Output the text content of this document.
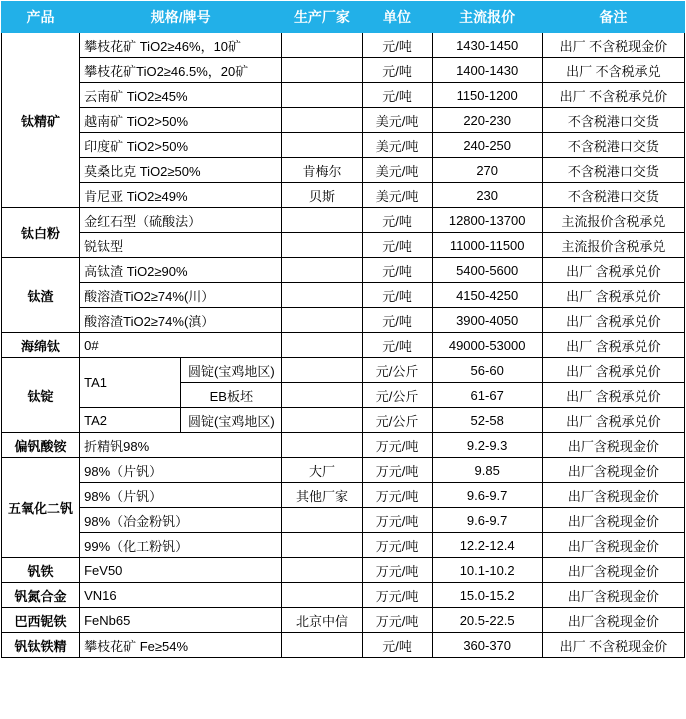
产品	规格/牌号		生产厂家	单位	主流报价	备注
钛精矿	攀枝花矿 TiO2≥46%，10矿			元/吨	1430-1450	出厂 不含税现金价
	攀枝花矿TiO2≥46.5%，20矿			元/吨	1400-1430	出厂 不含税承兑
	云南矿 TiO2≥45%			元/吨	1150-1200	出厂 不含税承兑价
	越南矿 TiO2>50%			美元/吨	220-230	不含税港口交货
	印度矿 TiO2>50%			美元/吨	240-250	不含税港口交货
	莫桑比克 TiO2≥50%		肯梅尔	美元/吨	270	不含税港口交货
	肯尼亚 TiO2≥49%		贝斯	美元/吨	230	不含税港口交货
钛白粉	金红石型（硫酸法）			元/吨	12800-13700	主流报价含税承兑
	锐钛型			元/吨	11000-11500	主流报价含税承兑
钛渣	高钛渣 TiO2≥90%			元/吨	5400-5600	出厂 含税承兑价
	酸溶渣TiO2≥74%(川）			元/吨	4150-4250	出厂 含税承兑价
	酸溶渣TiO2≥74%(滇）			元/吨	3900-4050	出厂 含税承兑价
海绵钛	0#			元/吨	49000-53000	出厂 含税承兑价
钛锭	TA1	圆锭(宝鸡地区)		元/公斤	56-60	出厂 含税承兑价
		EB板坯		元/公斤	61-67	出厂 含税承兑价
	TA2	圆锭(宝鸡地区)		元/公斤	52-58	出厂 含税承兑价
偏钒酸铵	折精钒98%			万元/吨	9.2-9.3	出厂含税现金价
五氧化二钒	98%（片钒）		大厂	万元/吨	9.85	出厂含税现金价
	98%（片钒）		其他厂家	万元/吨	9.6-9.7	出厂含税现金价
	98%（冶金粉钒）			万元/吨	9.6-9.7	出厂含税现金价
	99%（化工粉钒）			万元/吨	12.2-12.4	出厂含税现金价
钒铁	FeV50			万元/吨	10.1-10.2	出厂含税现金价
钒氮合金	VN16			万元/吨	15.0-15.2	出厂含税现金价
巴西铌铁	FeNb65		北京中信	万元/吨	20.5-22.5	出厂含税现金价
钒钛铁精	攀枝花矿 Fe≥54%			元/吨	360-370	出厂 不含税现金价
